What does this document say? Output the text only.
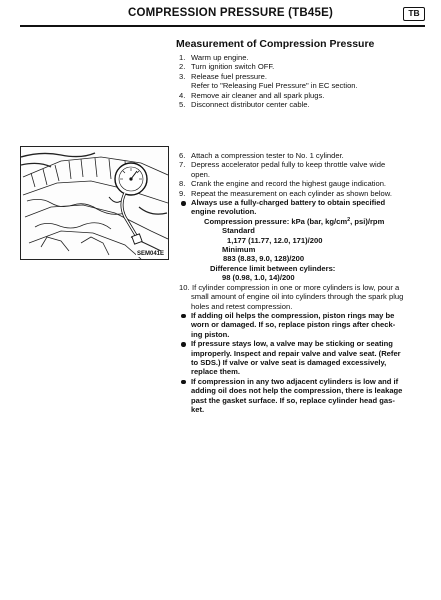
COMPRESSION PRESSURE (TB45E)	TB
Measurement of Compression Pressure
1. Warm up engine.
2. Turn ignition switch OFF.
3. Release fuel pressure.
Refer to "Releasing Fuel Pressure" in EC section.
4. Remove air cleaner and all spark plugs.
5. Disconnect distributor center cable.
SEM041E
6. Attach a compression tester to No. 1 cylinder.
7. Depress accelerator pedal fully to keep throttle valve wide
open.
8. Crank the engine and record the highest gauge indication.
9. Repeat the measurement on each cylinder as shown below.
Always use a fully-charged battery to obtain specified
engine revolution.
Compression pressure: kPa (bar, $kg/cm^2$, psi)/rpm
Standard
1,177 (11.77, 12.0, 171)/200
Minimum
883 (8.83, 9.0, 128)/200
Difference limit between cylinders:
98 (0.98, 1.0, 14)/200
10. If cylinder compression in one or more cylinders is low, pour a
small amount of engine oil into cylinders through the spark plug
holes and retest compression.
If adding oil helps the compression, piston rings may be
worn or damaged. If so, replace piston rings after check-
ing piston.
If pressure stays low, a valve may be sticking or seating
improperly. Inspect and repair valve and valve seat. (Refer
to SDS.) If valve or valve seat is damaged excessively,
replace them.
If compression in any two adjacent cylinders is low and if
adding oil does not help the compression, there is leakage
past the gasket surface. If so, replace cylinder head gas-
ket.
